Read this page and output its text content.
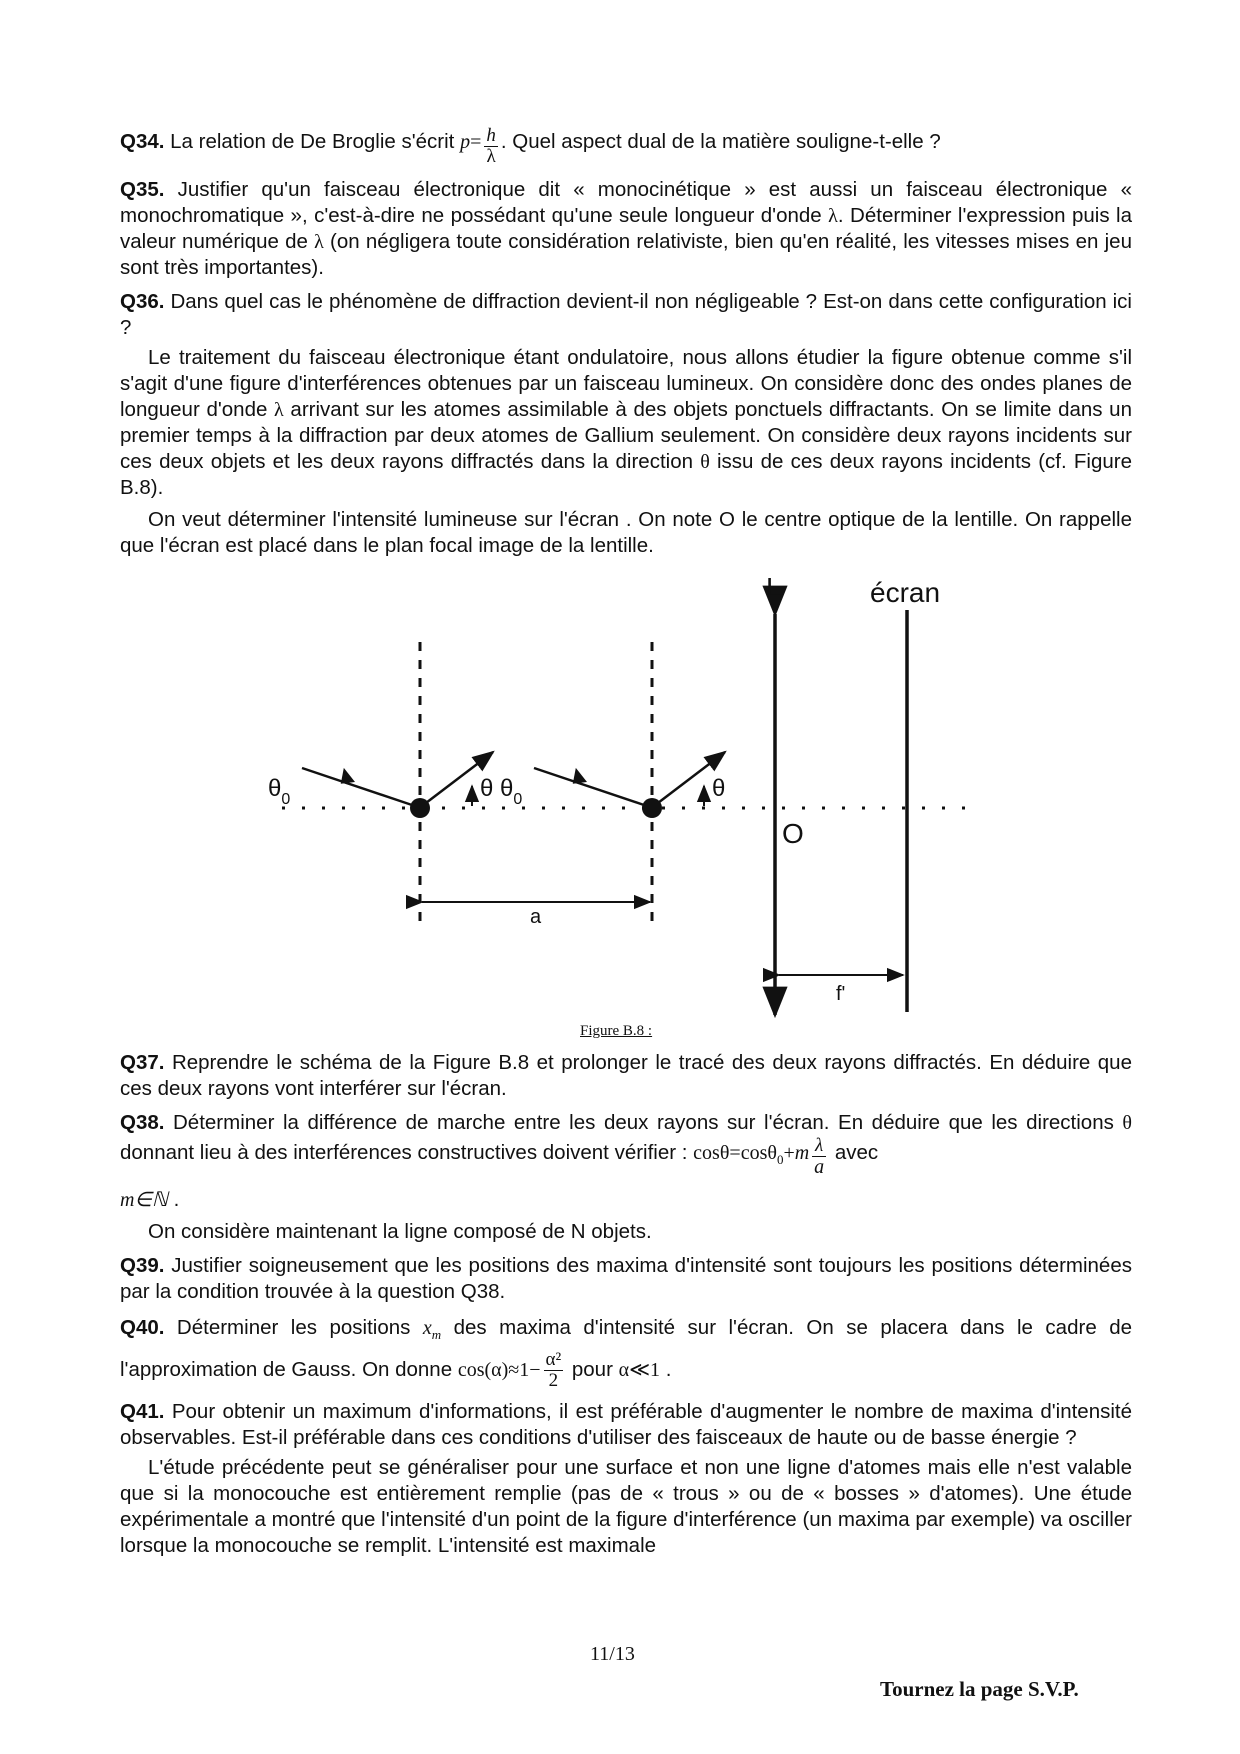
Q34. La relation de De Broglie s'écrit $p= \frac{h}{\lambda}$ . Quel aspect dual de la matière souligne-t-elle ?

Q35. Justifier qu'un faisceau électronique dit « monocinétique » est aussi un faisceau électronique « monochromatique », c'est-à-dire ne possédant qu'une seule longueur d'onde λ. Déterminer l'expression puis la valeur numérique de λ (on négligera toute considération relativiste, bien qu'en réalité, les vitesses mises en jeu sont très importantes).

Q36. Dans quel cas le phénomène de diffraction devient-il non négligeable ? Est-on dans cette configuration ici ?

Le traitement du faisceau électronique étant ondulatoire, nous allons étudier la figure obtenue comme s'il s'agit d'une figure d'interférences obtenues par un faisceau lumineux. On considère donc des ondes planes de longueur d'onde λ arrivant sur les atomes assimilable à des objets ponctuels diffractants. On se limite dans un premier temps à la diffraction par deux atomes de Gallium seulement. On considère deux rayons incidents sur ces deux objets et les deux rayons diffractés dans la direction θ issu de ces deux rayons incidents (cf. Figure B.8).

On veut déterminer l'intensité lumineuse sur l'écran . On note O le centre optique de la lentille. On rappelle que l'écran est placé dans le plan focal image de la lentille.

$\theta_0$	$\theta_0$
θ	θ
a
L
O
écran
f'
Figure B.8 :

Q37. Reprendre le schéma de la Figure B.8 et prolonger le tracé des deux rayons diffractés. En déduire que ces deux rayons vont interférer sur l'écran.

Q38. Déterminer la différence de marche entre les deux rayons sur l'écran. En déduire que les directions θ donnant lieu à des interférences constructives doivent vérifier : $\cos\theta=\cos\theta_0+m \frac{\lambda}{a}$ avec
m∈ℕ .

On considère maintenant la ligne composé de N objets.

Q39. Justifier soigneusement que les positions des maxima d'intensité sont toujours les positions déterminées par la condition trouvée à la question Q38.

Q40. Déterminer les positions $x_m$ des maxima d'intensité sur l'écran. On se placera dans le cadre de l'approximation de Gauss. On donne $\cos(\alpha)\approx 1- \frac{\text{α²}}{2}$ pour α≪1 .

Q41. Pour obtenir un maximum d'informations, il est préférable d'augmenter le nombre de maxima d'intensité observables. Est-il préférable dans ces conditions d'utiliser des faisceaux de haute ou de basse énergie ?

L'étude précédente peut se généraliser pour une surface et non une ligne d'atomes mais elle n'est valable que si la monocouche est entièrement remplie (pas de « trous » ou de « bosses » d'atomes). Une étude expérimentale a montré que l'intensité d'un point de la figure d'interférence (un maxima par exemple) va osciller lorsque la monocouche se remplit. L'intensité est maximale

11/13
Tournez la page S.V.P.
